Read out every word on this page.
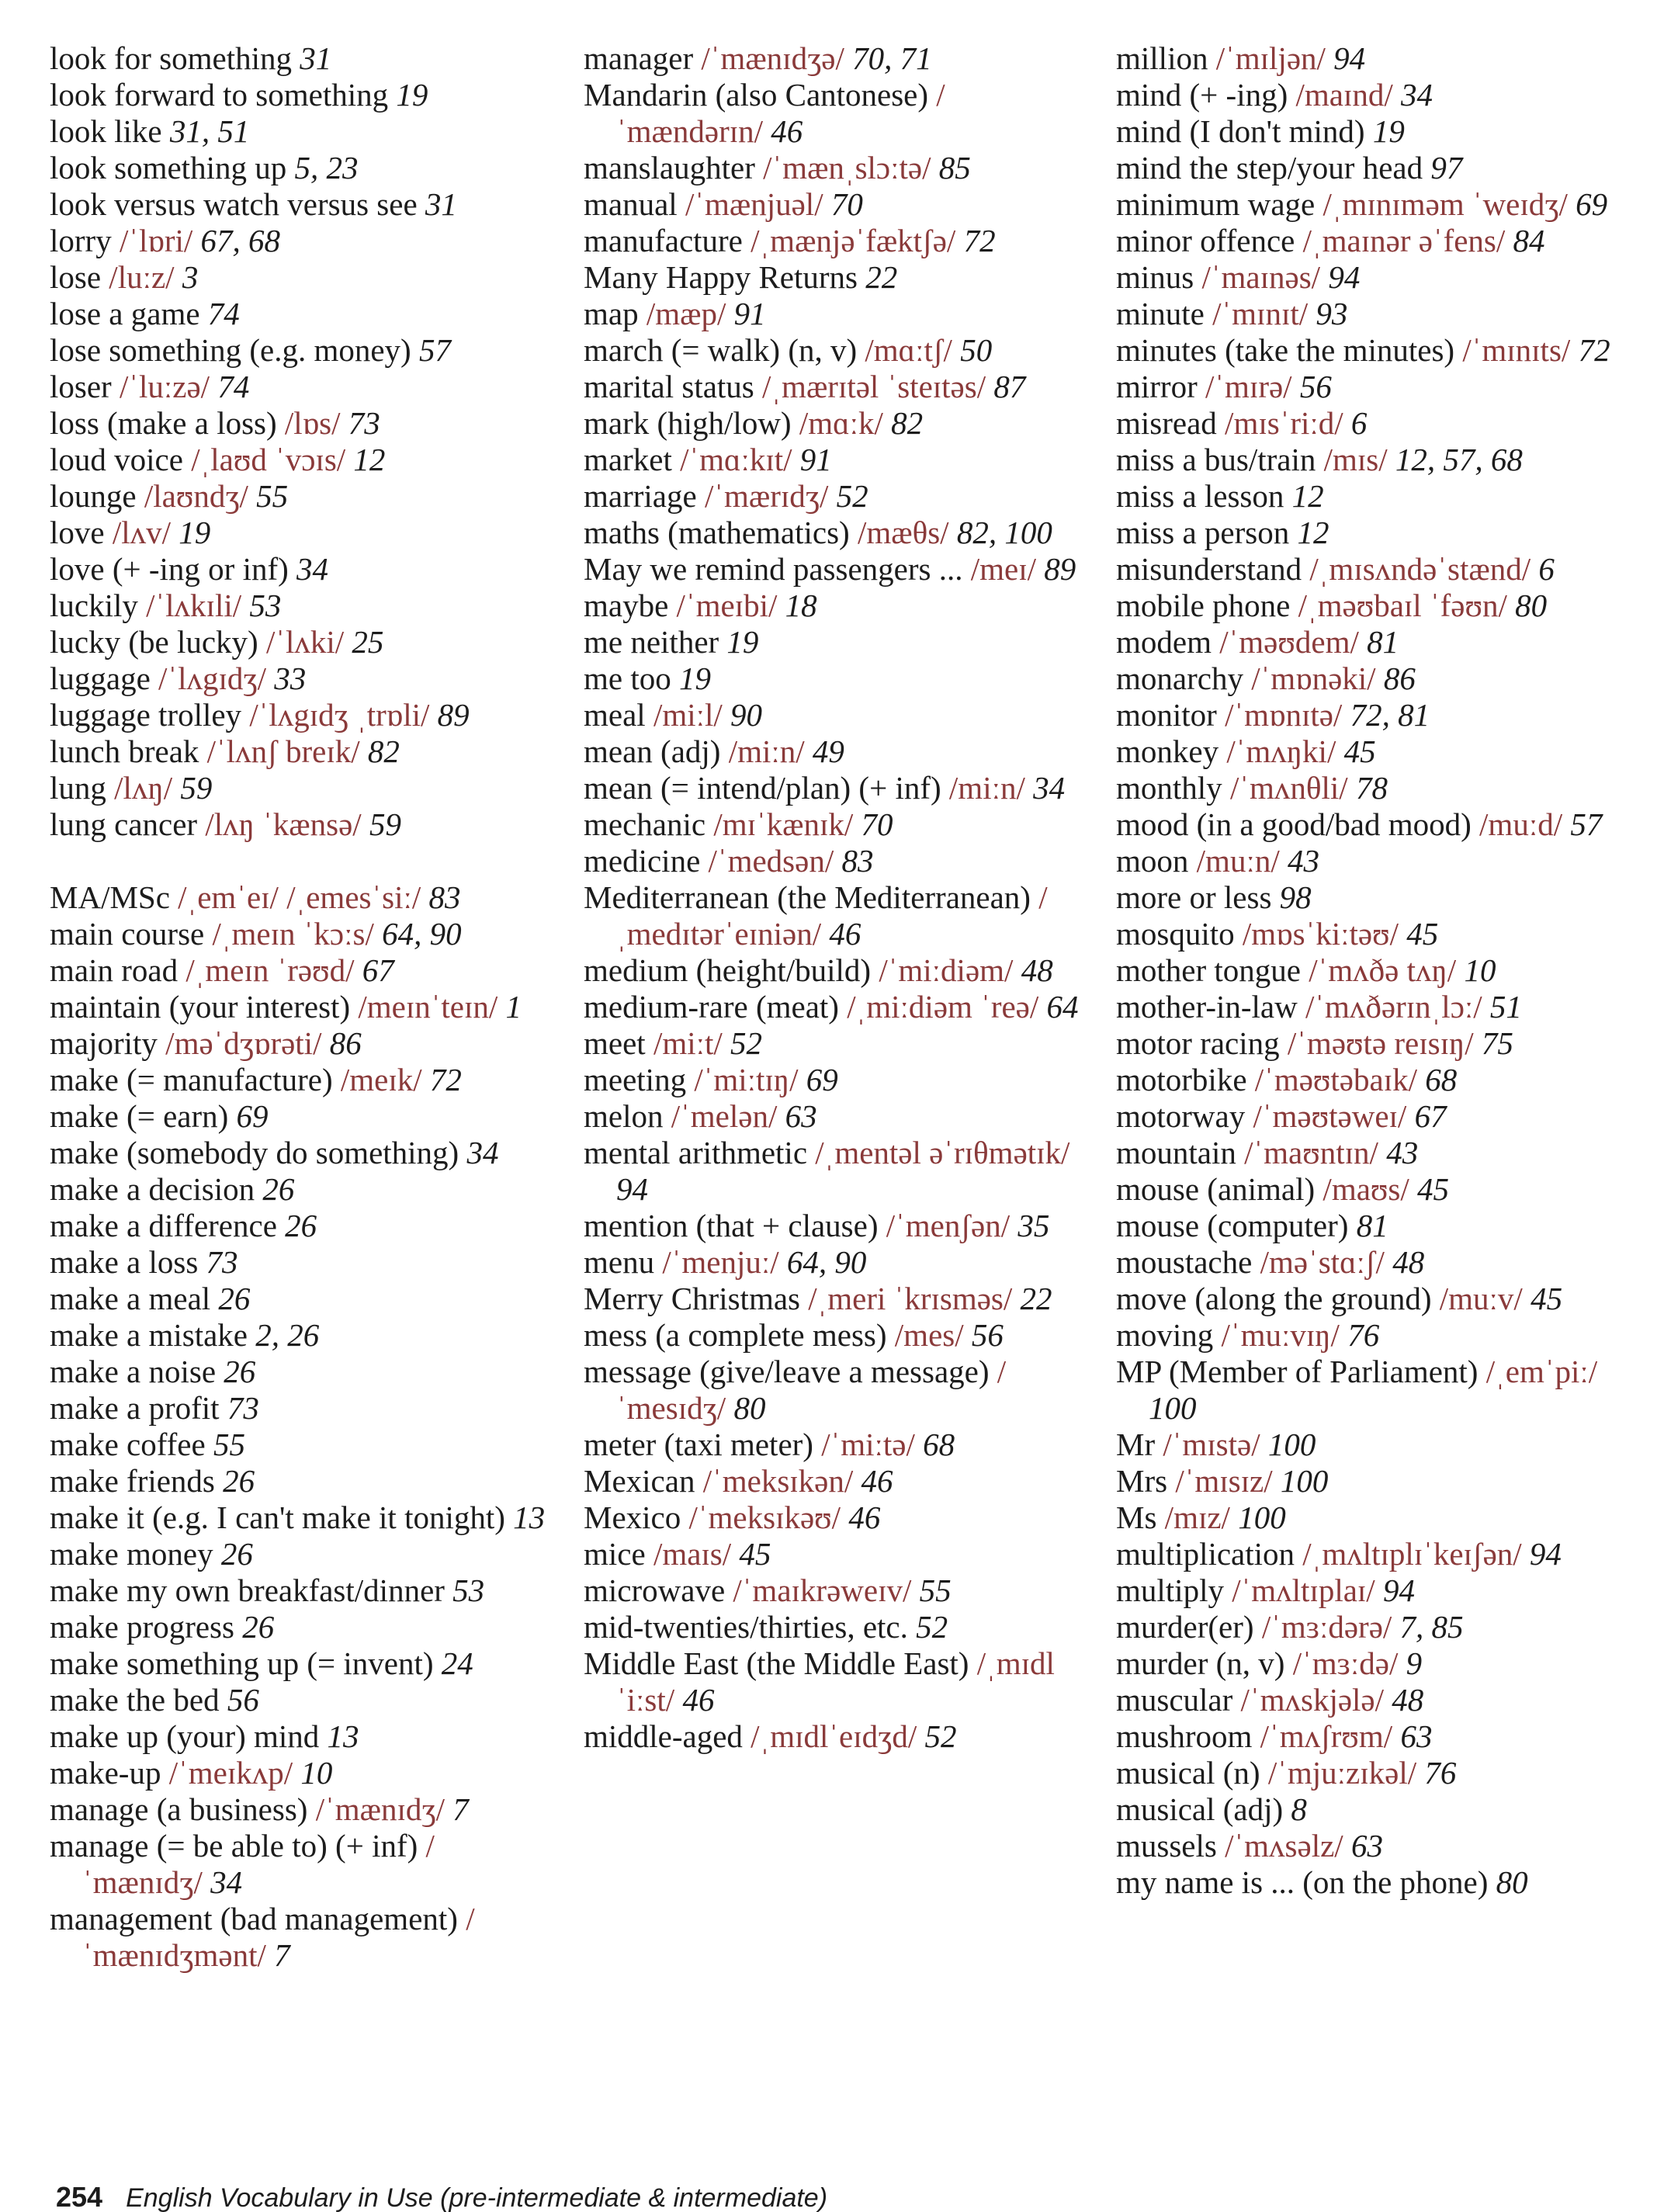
look for something 31
look forward to something 19
look like 31, 51
look something up 5, 23
look versus watch versus see 31
lorry /ˈlɒri/ 67, 68
lose /luːz/ 3
lose a game 74
lose something (e.g. money) 57
loser /ˈluːzə/ 74
loss (make a loss) /lɒs/ 73
loud voice /ˌlaʊd ˈvɔɪs/ 12
lounge /laʊndʒ/ 55
love /lʌv/ 19
love (+ -ing or inf) 34
luckily /ˈlʌkɪli/ 53
lucky (be lucky) /ˈlʌki/ 25
luggage /ˈlʌgɪdʒ/ 33
luggage trolley /ˈlʌgɪdʒ ˌtrɒli/ 89
lunch break /ˈlʌnʃ breɪk/ 82
lung /lʌŋ/ 59
lung cancer /lʌŋ ˈkænsə/ 59
MA/MSc /ˌemˈeɪ/ /ˌemesˈsiː/ 83
main course /ˌmeɪn ˈkɔːs/ 64, 90
main road /ˌmeɪn ˈrəʊd/ 67
maintain (your interest) /meɪnˈteɪn/ 1
majority /məˈdʒɒrəti/ 86
make (= manufacture) /meɪk/ 72
make (= earn) 69
make (somebody do something) 34
make a decision 26
make a difference 26
make a loss 73
make a meal 26
make a mistake 2, 26
make a noise 26
make a profit 73
make coffee 55
make friends 26
make it (e.g. I can't make it tonight) 13
make money 26
make my own breakfast/dinner 53
make progress 26
make something up (= invent) 24
make the bed 56
make up (your) mind 13
make-up /ˈmeɪkʌp/ 10
manage (a business) /ˈmænɪdʒ/ 7
manage (= be able to) (+ inf) /ˈmænɪdʒ/ 34
management (bad management) /ˈmænɪdʒmənt/ 7
manager /ˈmænɪdʒə/ 70, 71
Mandarin (also Cantonese) /ˈmændərɪn/ 46
manslaughter /ˈmænˌslɔːtə/ 85
manual /ˈmænjuəl/ 70
manufacture /ˌmænjəˈfæktʃə/ 72
Many Happy Returns 22
map /mæp/ 91
march (= walk) (n, v) /mɑːtʃ/ 50
marital status /ˌmærɪtəl ˈsteɪtəs/ 87
mark (high/low) /mɑːk/ 82
market /ˈmɑːkɪt/ 91
marriage /ˈmærɪdʒ/ 52
maths (mathematics) /mæθs/ 82, 100
May we remind passengers ... /meɪ/ 89
maybe /ˈmeɪbi/ 18
me neither 19
me too 19
meal /miːl/ 90
mean (adj) /miːn/ 49
mean (= intend/plan) (+ inf) /miːn/ 34
mechanic /mɪˈkænɪk/ 70
medicine /ˈmedsən/ 83
Mediterranean (the Mediterranean) /ˌmedɪtərˈeɪniən/ 46
medium (height/build) /ˈmiːdiəm/ 48
medium-rare (meat) /ˌmiːdiəm ˈreə/ 64
meet /miːt/ 52
meeting /ˈmiːtɪŋ/ 69
melon /ˈmelən/ 63
mental arithmetic /ˌmentəl əˈrɪθmətɪk/ 94
mention (that + clause) /ˈmenʃən/ 35
menu /ˈmenjuː/ 64, 90
Merry Christmas /ˌmeri ˈkrɪsməs/ 22
mess (a complete mess) /mes/ 56
message (give/leave a message) /ˈmesɪdʒ/ 80
meter (taxi meter) /ˈmiːtə/ 68
Mexican /ˈmeksɪkən/ 46
Mexico /ˈmeksɪkəʊ/ 46
mice /maɪs/ 45
microwave /ˈmaɪkrəweɪv/ 55
mid-twenties/thirties, etc. 52
Middle East (the Middle East) /ˌmɪdl ˈiːst/ 46
middle-aged /ˌmɪdlˈeɪdʒd/ 52
million /ˈmɪljən/ 94
mind (+ -ing) /maɪnd/ 34
mind (I don't mind) 19
mind the step/your head 97
minimum wage /ˌmɪnɪməm ˈweɪdʒ/ 69
minor offence /ˌmaɪnər əˈfens/ 84
minus /ˈmaɪnəs/ 94
minute /ˈmɪnɪt/ 93
minutes (take the minutes) /ˈmɪnɪts/ 72
mirror /ˈmɪrə/ 56
misread /mɪsˈriːd/ 6
miss a bus/train /mɪs/ 12, 57, 68
miss a lesson 12
miss a person 12
misunderstand /ˌmɪsʌndəˈstænd/ 6
mobile phone /ˌməʊbaɪl ˈfəʊn/ 80
modem /ˈməʊdem/ 81
monarchy /ˈmɒnəki/ 86
monitor /ˈmɒnɪtə/ 72, 81
monkey /ˈmʌŋki/ 45
monthly /ˈmʌnθli/ 78
mood (in a good/bad mood) /muːd/ 57
moon /muːn/ 43
more or less 98
mosquito /mɒsˈkiːtəʊ/ 45
mother tongue /ˈmʌðə tʌŋ/ 10
mother-in-law /ˈmʌðərɪnˌlɔː/ 51
motor racing /ˈməʊtə reɪsɪŋ/ 75
motorbike /ˈməʊtəbaɪk/ 68
motorway /ˈməʊtəweɪ/ 67
mountain /ˈmaʊntɪn/ 43
mouse (animal) /maʊs/ 45
mouse (computer) 81
moustache /məˈstɑːʃ/ 48
move (along the ground) /muːv/ 45
moving /ˈmuːvɪŋ/ 76
MP (Member of Parliament) /ˌemˈpiː/ 100
Mr /ˈmɪstə/ 100
Mrs /ˈmɪsɪz/ 100
Ms /mɪz/ 100
multiplication /ˌmʌltɪplɪˈkeɪʃən/ 94
multiply /ˈmʌltɪplaɪ/ 94
murder(er) /ˈmɜːdərə/ 7, 85
murder (n, v) /ˈmɜːdə/ 9
muscular /ˈmʌskjələ/ 48
mushroom /ˈmʌʃrʊm/ 63
musical (n) /ˈmjuːzɪkəl/ 76
musical (adj) 8
mussels /ˈmʌsəlz/ 63
my name is ... (on the phone) 80
254 English Vocabulary in Use (pre-intermediate & intermediate)
